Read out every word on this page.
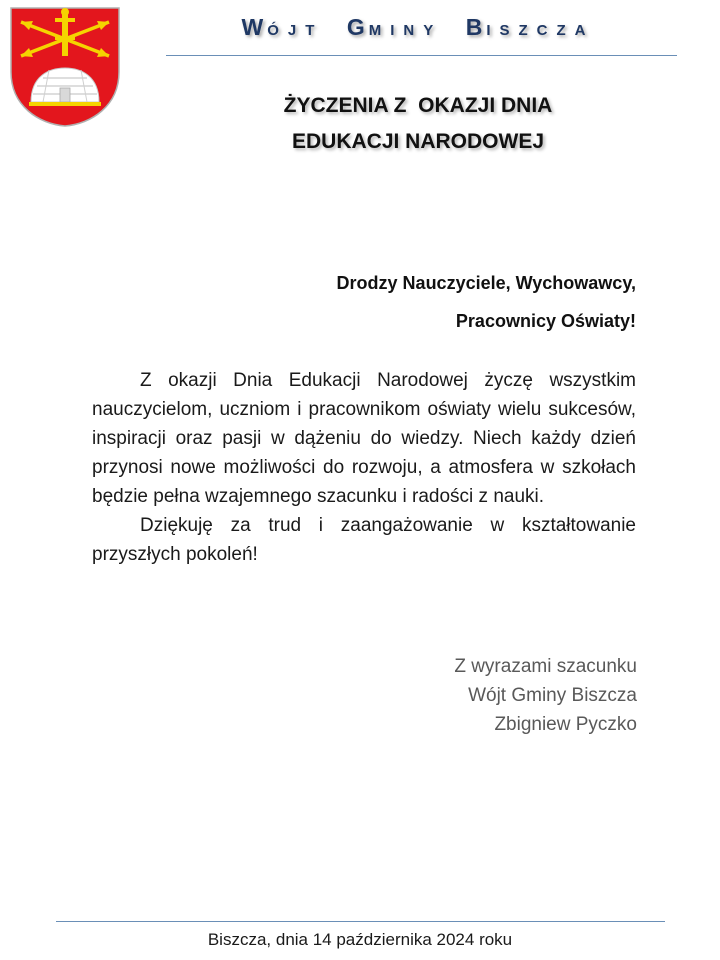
WÓJT GMINY BISZCZA
ŻYCZENIA Z  OKAZJI DNIA
EDUKACJI NARODOWEJ
Drodzy Nauczyciele, Wychowawcy,
Pracownicy Oświaty!

Z okazji Dnia Edukacji Narodowej życzę wszystkim nauczycielom, uczniom i pracownikom oświaty wielu sukcesów, inspiracji oraz pasji w dążeniu do wiedzy. Niech każdy dzień przynosi nowe możliwości do rozwoju, a atmosfera w szkołach będzie pełna wzajemnego szacunku i radości z nauki.

Dziękuję za trud i zaangażowanie w kształtowanie przyszłych pokoleń!

Z wyrazami szacunku
Wójt Gminy Biszcza
Zbigniew Pyczko
Biszcza, dnia 14 października 2024 roku
